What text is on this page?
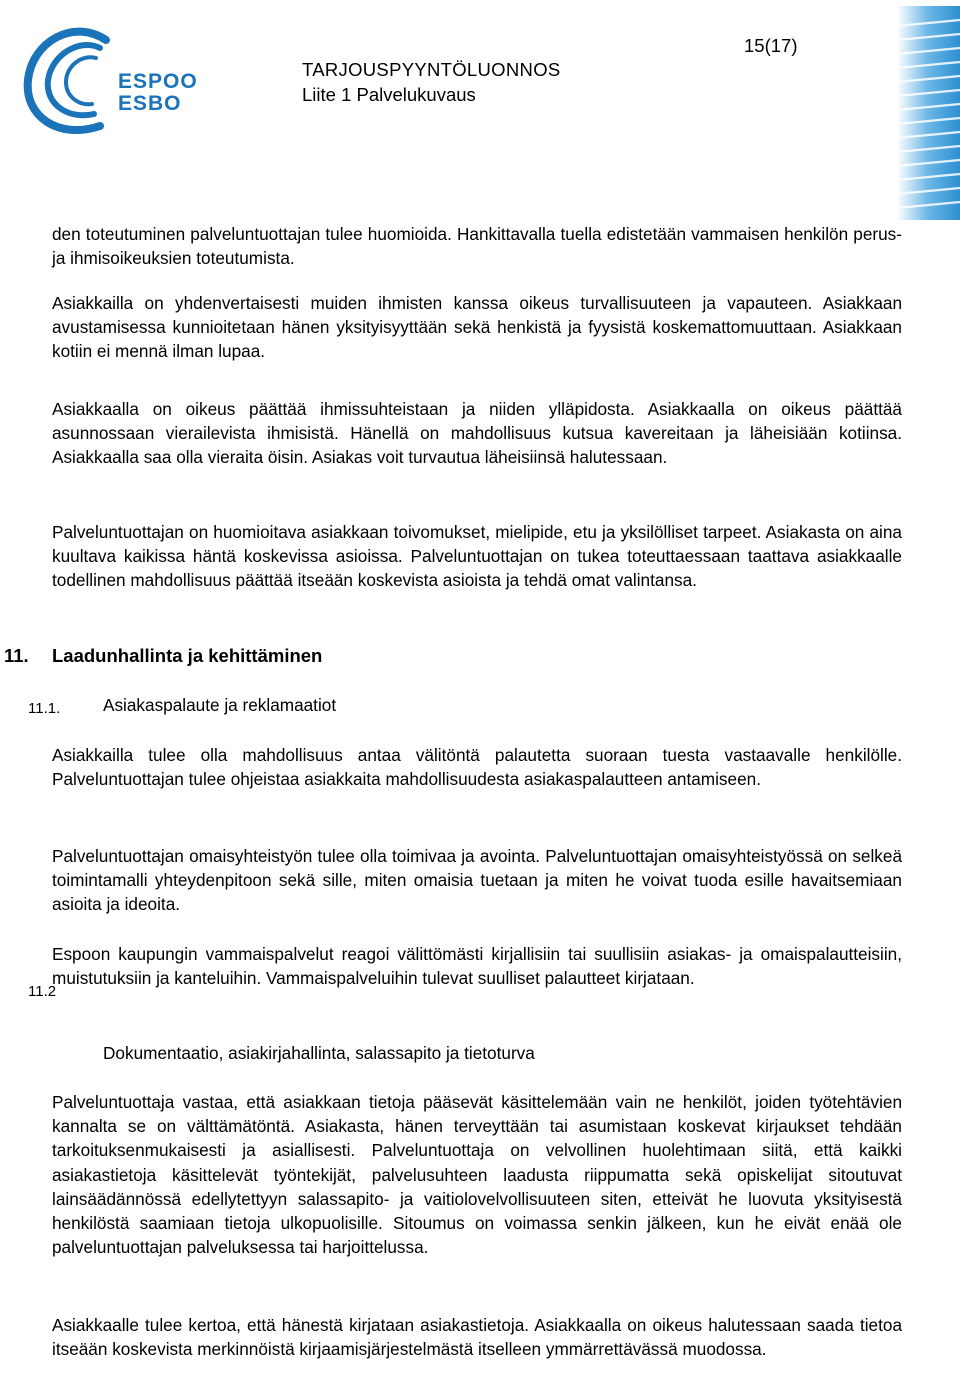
ESPOO
ESBO
TARJOUSPYYNTÖLUONNOS
Liite 1 Palvelukuvaus
15(17)

den toteutuminen palveluntuottajan tulee huomioida. Hankittavalla tuella edistetään vammaisen henkilön perus- ja ihmisoikeuksien toteutumista.

Asiakkailla on yhdenvertaisesti muiden ihmisten kanssa oikeus turvallisuuteen ja vapauteen. Asiakkaan avustamisessa kunnioitetaan hänen yksityisyyttään sekä henkistä ja fyysistä koskemattomuuttaan. Asiakkaan kotiin ei mennä ilman lupaa.

Asiakkaalla on oikeus päättää ihmissuhteistaan ja niiden ylläpidosta. Asiakkaalla on oikeus päättää asunnossaan vierailevista ihmisistä. Hänellä on mahdollisuus kutsua kavereitaan ja läheisiään kotiinsa. Asiakkaalla saa olla vieraita öisin. Asiakas voit turvautua läheisiinsä halutessaan.

Palveluntuottajan on huomioitava asiakkaan toivomukset, mielipide, etu ja yksilölliset tarpeet. Asiakasta on aina kuultava kaikissa häntä koskevissa asioissa. Palveluntuottajan on tukea toteuttaessaan taattava asiakkaalle todellinen mahdollisuus päättää itseään koskevista asioista ja tehdä omat valintansa.

11. Laadunhallinta ja kehittäminen
11.1. Asiakaspalaute ja reklamaatiot

Asiakkailla tulee olla mahdollisuus antaa välitöntä palautetta suoraan tuesta vastaavalle henkilölle. Palveluntuottajan tulee ohjeistaa asiakkaita mahdollisuudesta asiakaspalautteen antamiseen.

Palveluntuottajan omaisyhteistyön tulee olla toimivaa ja avointa. Palveluntuottajan omaisyhteistyössä on selkeä toimintamalli yhteydenpitoon sekä sille, miten omaisia tuetaan ja miten he voivat tuoda esille havaitsemiaan asioita ja ideoita.

Espoon kaupungin vammaispalvelut reagoi välittömästi kirjallisiin tai suullisiin asiakas- ja omaispalautteisiin, muistutuksiin ja kanteluihin. Vammaispalveluihin tulevat suulliset palautteet kirjataan.

11.2
Dokumentaatio, asiakirjahallinta, salassapito ja tietoturva

Palveluntuottaja vastaa, että asiakkaan tietoja pääsevät käsittelemään vain ne henkilöt, joiden työtehtävien kannalta se on välttämätöntä. Asiakasta, hänen terveyttään tai asumistaan koskevat kirjaukset tehdään tarkoituksenmukaisesti ja asiallisesti. Palveluntuottaja on velvollinen huolehtimaan siitä, että kaikki asiakastietoja käsittelevät työntekijät, palvelusuhteen laadusta riippumatta sekä opiskelijat sitoutuvat lainsäädännössä edellytettyyn salassapito- ja vaitiolovelvollisuuteen siten, etteivät he luovuta yksityisestä henkilöstä saamiaan tietoja ulkopuolisille. Sitoumus on voimassa senkin jälkeen, kun he eivät enää ole palveluntuottajan palveluksessa tai harjoittelussa.

Asiakkaalle tulee kertoa, että hänestä kirjataan asiakastietoja. Asiakkaalla on oikeus halutessaan saada tietoa itseään koskevista merkinnöistä kirjaamisjärjestelmästä itselleen ymmärrettävässä muodossa.
